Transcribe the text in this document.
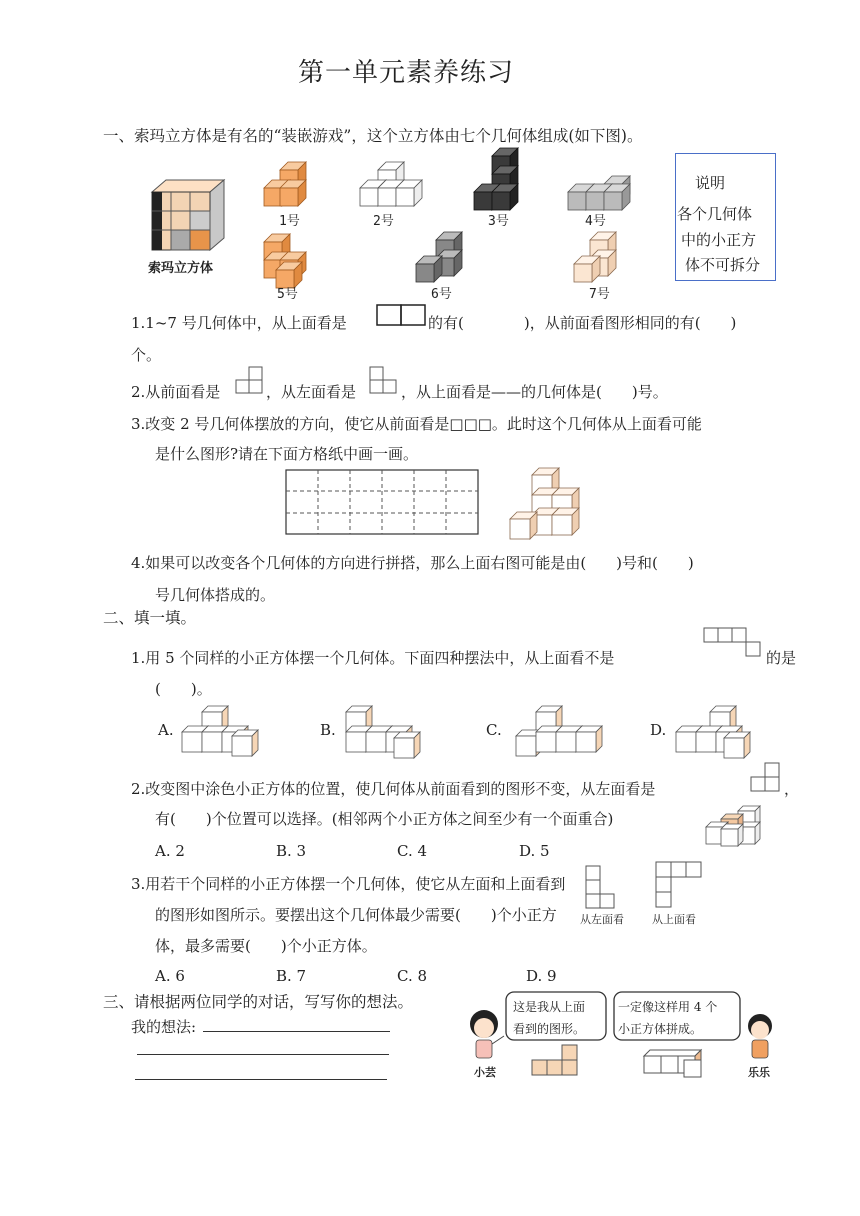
第一单元素养练习
一、索玛立方体是有名的“装嵌游戏”，这个立方体由七个几何体组成(如下图)。
索玛立方体
1号	2号	3号	4号
5号	6号	7号
说明
各个几何体
中的小正方
体不可拆分
1.1~7 号几何体中，从上面看是	的有(　　　　)，从前面看图形相同的有(　　)
个。
2.从前面看是	，从左面看是	，从上面看是——的几何体是(　　)号。
3.改变 2 号几何体摆放的方向，使它从前面看是□□□。此时这个几何体从上面看可能
是什么图形?请在下面方格纸中画一画。
4.如果可以改变各个几何体的方向进行拼搭，那么上面右图可能是由(　　)号和(　　)
号几何体搭成的。
二、填一填。
1.用 5 个同样的小正方体摆一个几何体。下面四种摆法中，从上面看不是	的是
(　　)。
A.	B.	C.	D.
2.改变图中涂色小正方体的位置，使几何体从前面看到的图形不变，从左面看是	，
有(　　)个位置可以选择。(相邻两个小正方体之间至少有一个面重合)
A. 2	B. 3	C. 4	D. 5
3.用若干个同样的小正方体摆一个几何体，使它从左面和上面看到
的图形如图所示。要摆出这个几何体最少需要(　　)个小正方
体，最多需要(　　)个小正方体。
从左面看	从上面看
A. 6	B. 7	C. 8	D. 9
三、请根据两位同学的对话，写写你的想法。
我的想法:
这是我从上面
看到的图形。
一定像这样用 4 个
小正方体拼成。
小芸	乐乐
